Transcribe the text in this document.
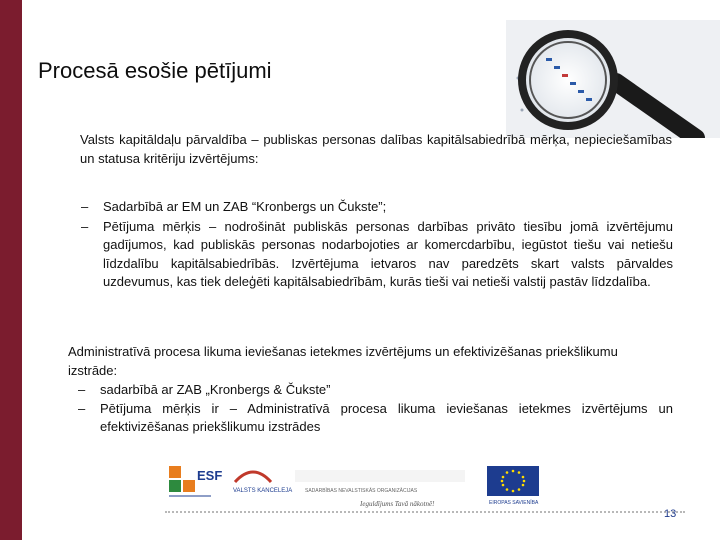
Procesā esošie pētījumi
Valsts kapitāldaļu pārvaldība – publiskas personas dalības kapitālsabiedrībā mērķa, nepieciešamības un statusa kritēriju izvērtējums:
– Sadarbībā ar EM un ZAB “Kronbergs un Čukste”;
– Pētījuma mērķis – nodrošināt publiskās personas darbības privāto tiesību jomā izvērtējumu gadījumos, kad publiskās personas nodarbojoties ar komercdarbību, iegūstot tiešu vai netiešu līdzdalību kapitālsabiedrībās. Izvērtējuma ietvaros nav paredzēts skart valsts pārvaldes uzdevumus, kas tiek deleģēti kapitālsabiedrībām, kurās tieši vai netieši valstij pastāv līdzdalība.
Administratīvā procesa likuma ieviešanas ietekmes izvērtējums un efektivizēšanas priekšlikumu izstrāde:
– sadarbībā ar ZAB „Kronbergs & Čukste”
– Pētījuma mērķis ir – Administratīvā procesa likuma ieviešanas ietekmes izvērtējums un efektivizēšanas priekšlikumu izstrādes
ESF
VALSTS KANCELEJA	SADARBĪBAS NEVALSTISKĀS ORGANIZĀCIJAS
Ieguldījums Tavā nākotnē!	EIROPAS SAVIENĪBA
13
